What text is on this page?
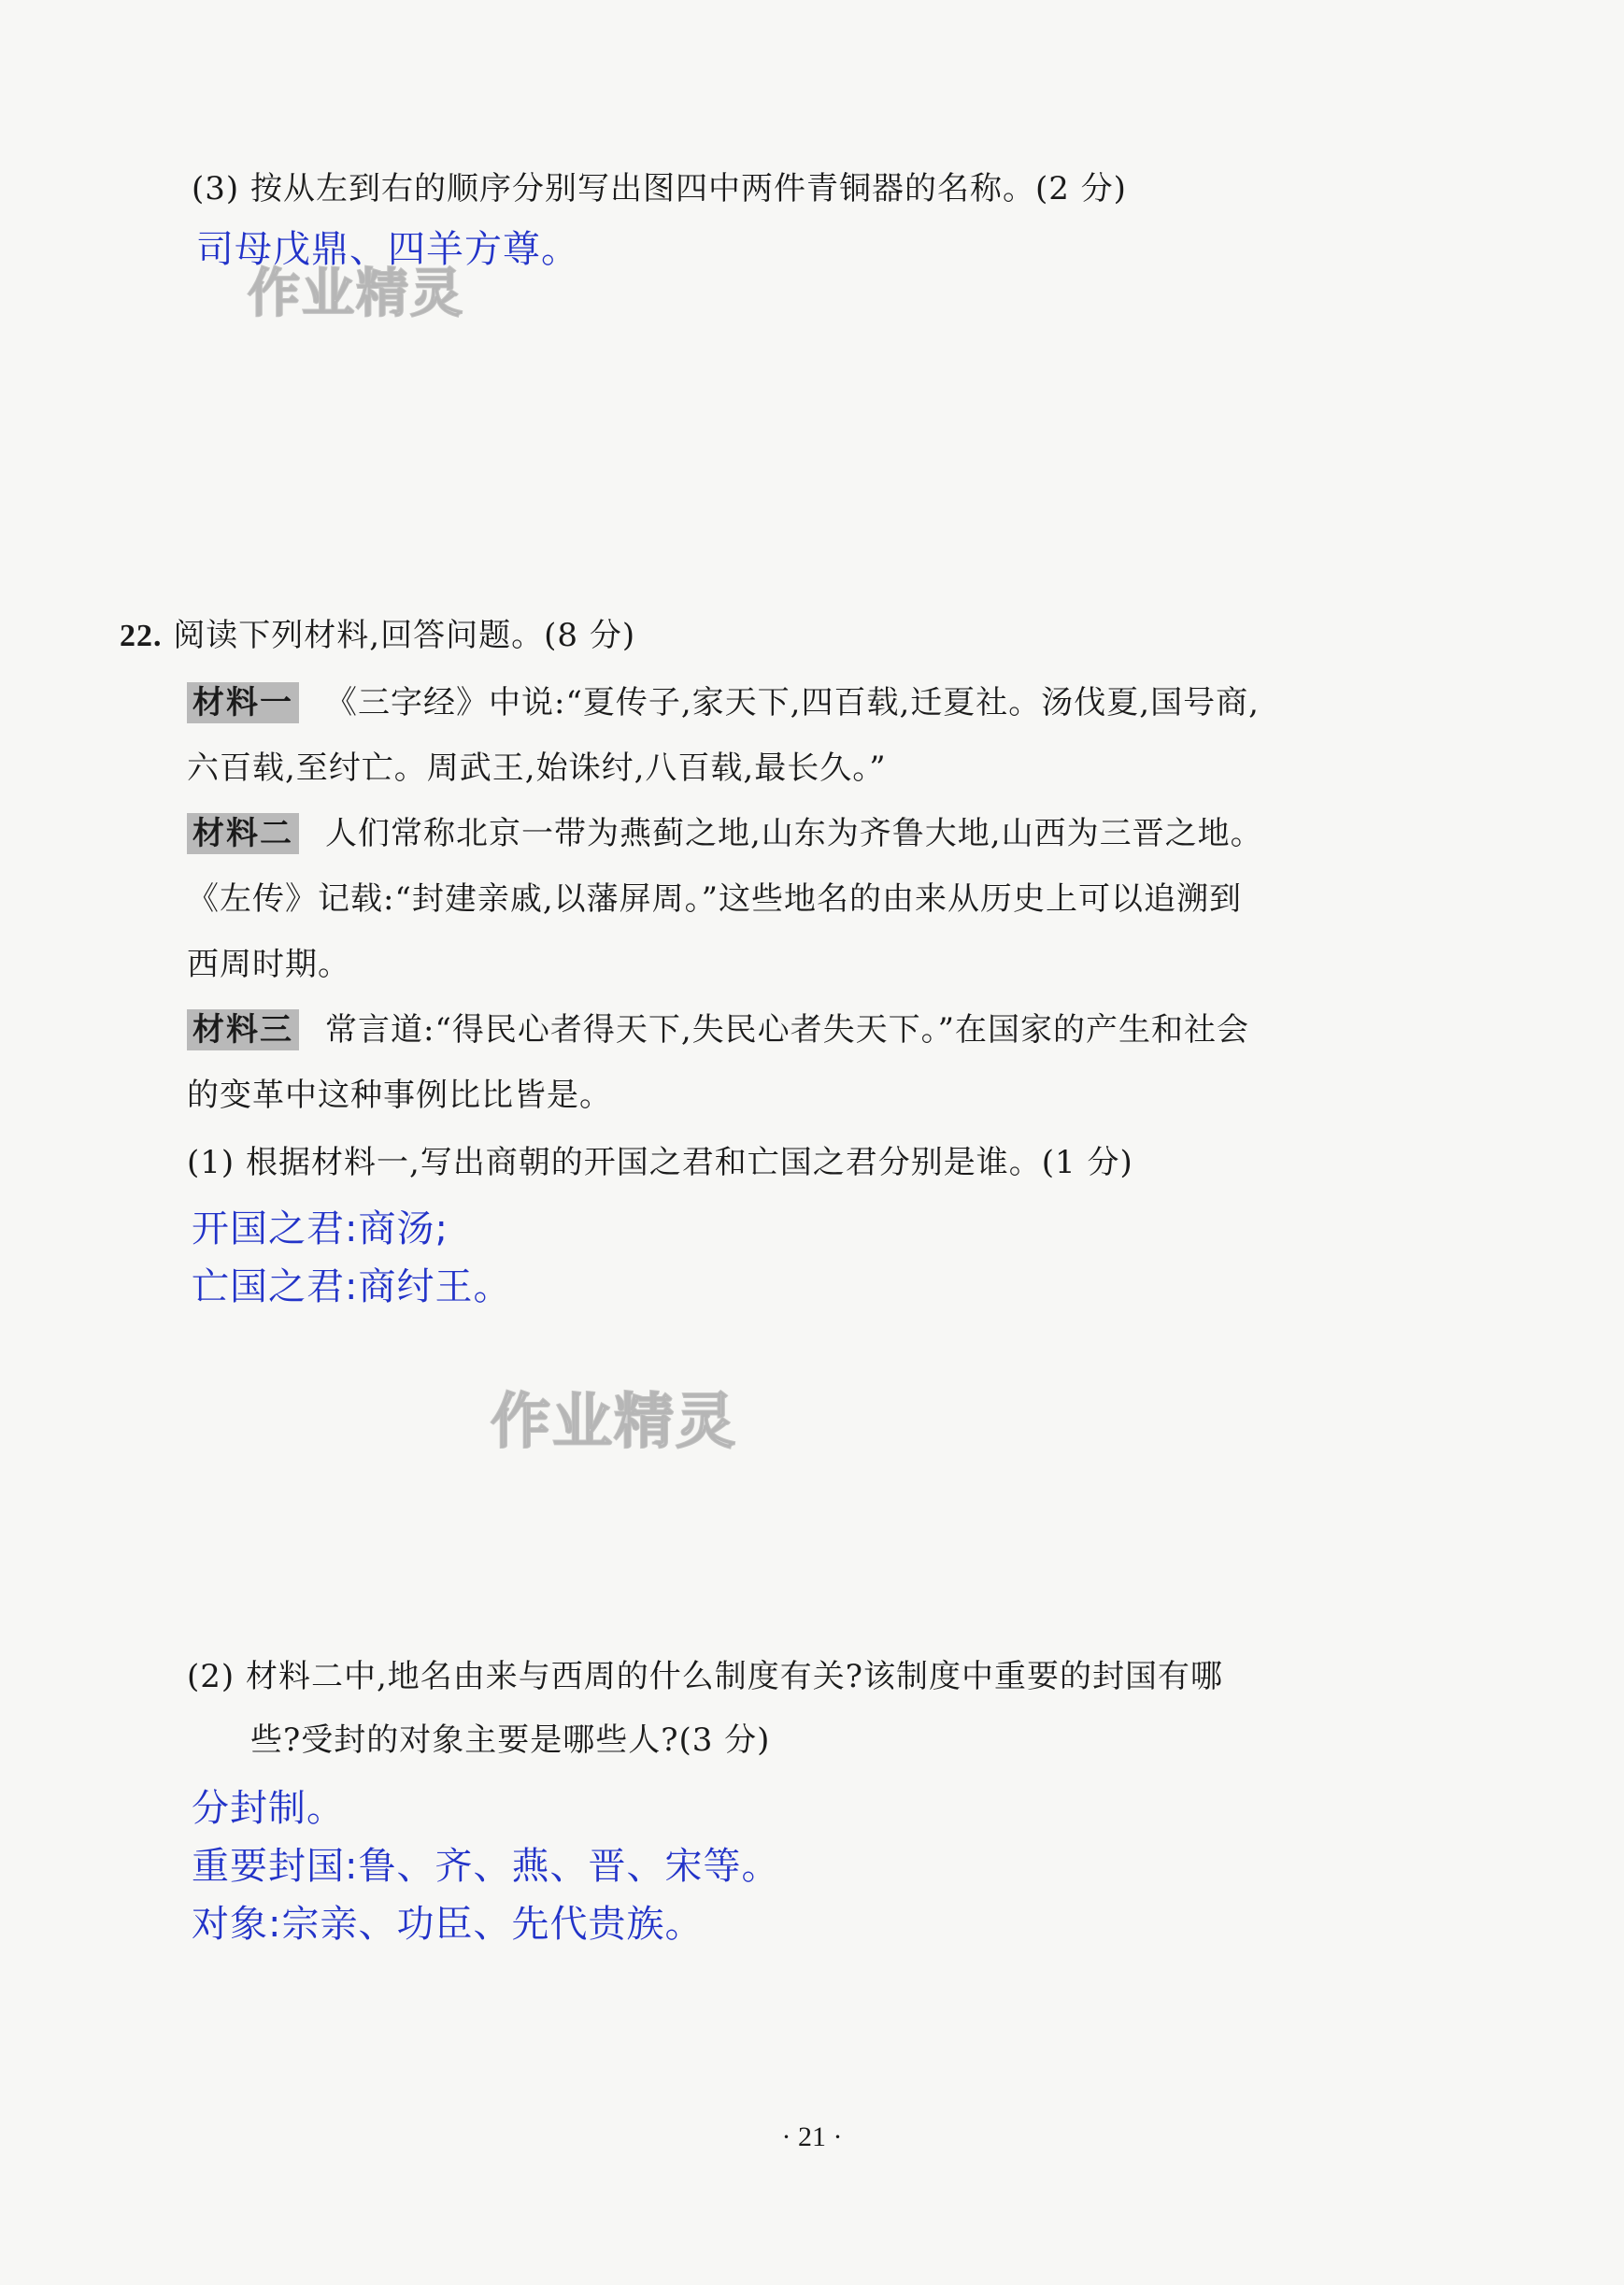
(3) 按从左到右的顺序分别写出图四中两件青铜器的名称。(2 分)
司母戊鼎、四羊方尊。
作业精灵
22. 阅读下列材料,回答问题。(8 分)
材料一 《三字经》中说:“夏传子,家天下,四百载,迁夏社。汤伐夏,国号商,
六百载,至纣亡。周武王,始诛纣,八百载,最长久。”
材料二 人们常称北京一带为燕蓟之地,山东为齐鲁大地,山西为三晋之地。
《左传》记载:“封建亲戚,以藩屏周。”这些地名的由来从历史上可以追溯到
西周时期。
材料三 常言道:“得民心者得天下,失民心者失天下。”在国家的产生和社会
的变革中这种事例比比皆是。
(1) 根据材料一,写出商朝的开国之君和亡国之君分别是谁。(1 分)
开国之君:商汤;
亡国之君:商纣王。
作业精灵
(2) 材料二中,地名由来与西周的什么制度有关?该制度中重要的封国有哪
些?受封的对象主要是哪些人?(3 分)
分封制。
重要封国:鲁、齐、燕、晋、宋等。
对象:宗亲、功臣、先代贵族。
· 21 ·
